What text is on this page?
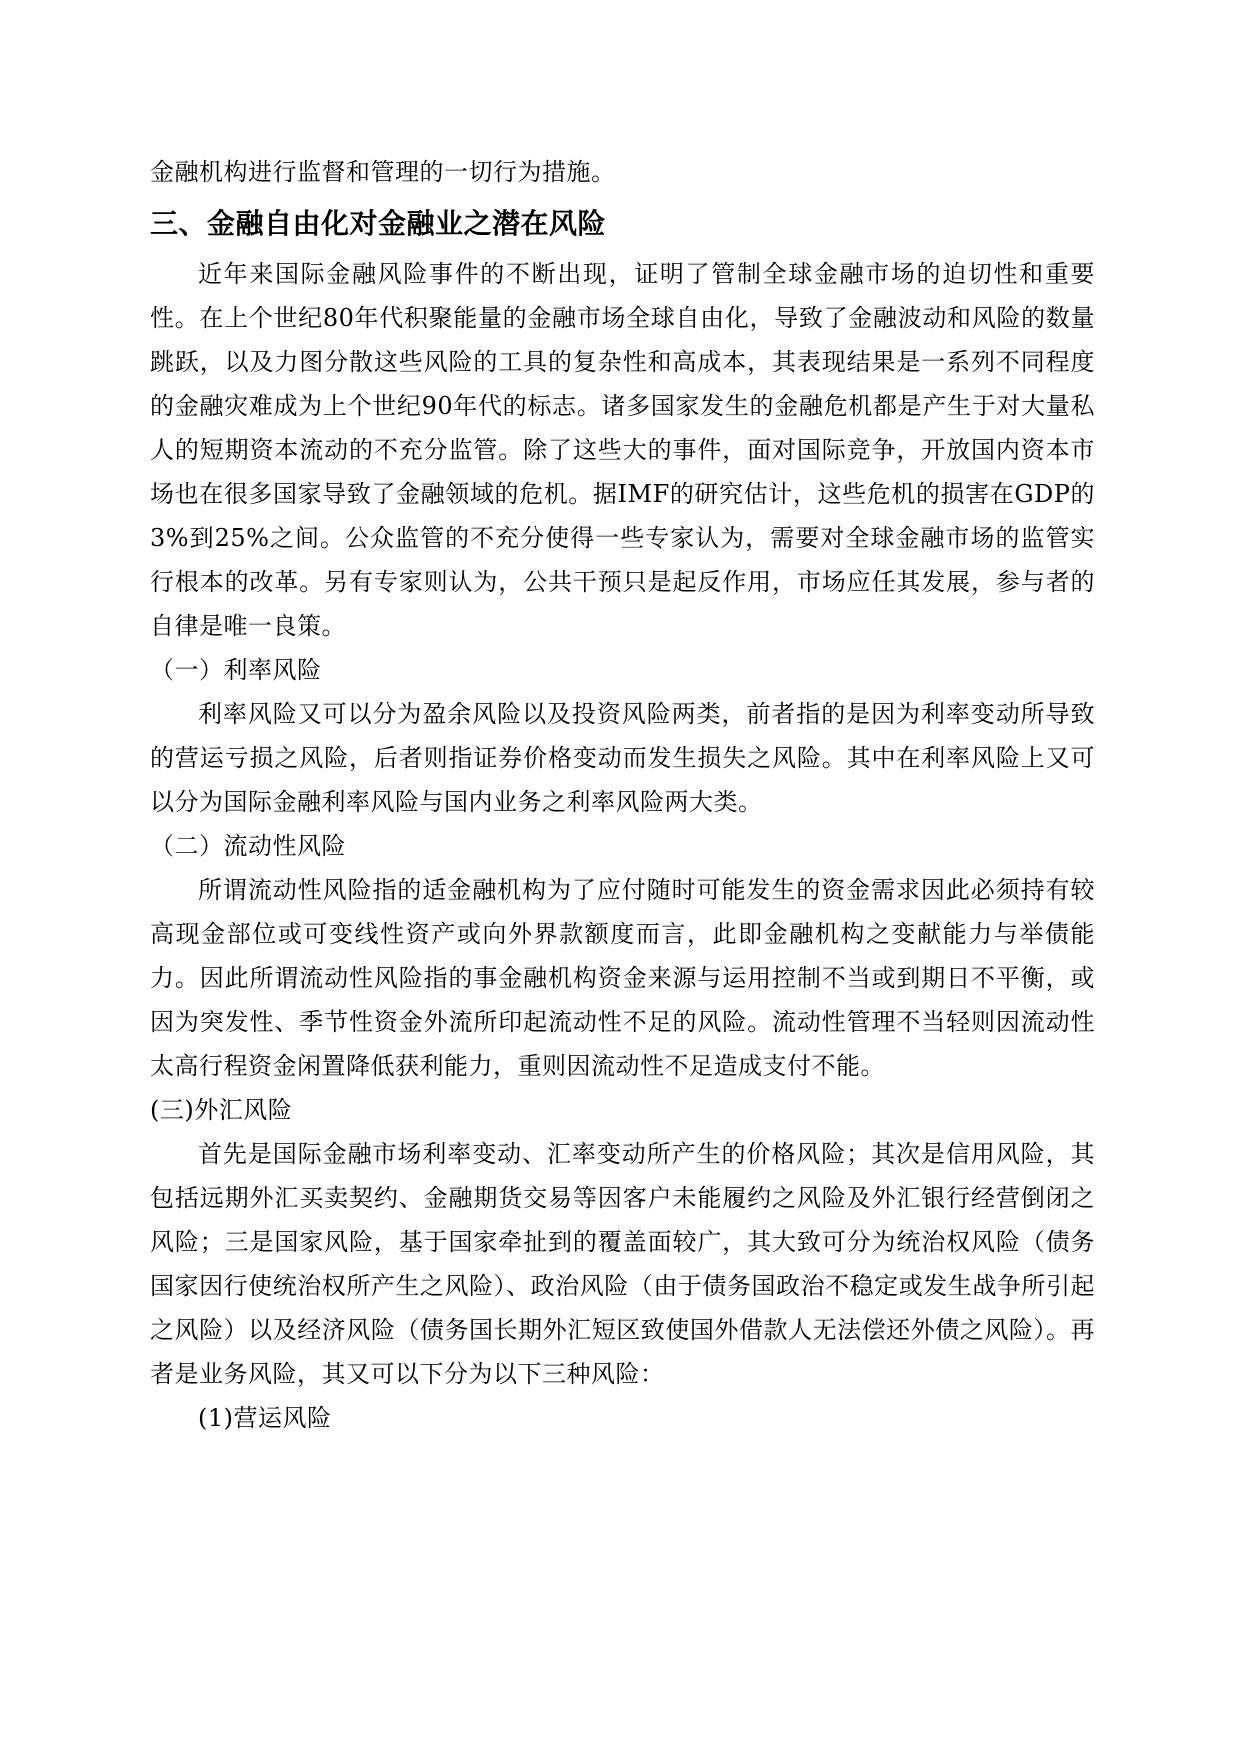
金融机构进行监督和管理的一切行为措施。

三、金融自由化对金融业之潜在风险

近年来国际金融风险事件的不断出现，证明了管制全球金融市场的迫切性和重要性。在上个世纪80年代积聚能量的金融市场全球自由化，导致了金融波动和风险的数量跳跃，以及力图分散这些风险的工具的复杂性和高成本，其表现结果是一系列不同程度的金融灾难成为上个世纪90年代的标志。诸多国家发生的金融危机都是产生于对大量私人的短期资本流动的不充分监管。除了这些大的事件，面对国际竞争，开放国内资本市场也在很多国家导致了金融领域的危机。据IMF的研究估计，这些危机的损害在GDP的3%到25%之间。公众监管的不充分使得一些专家认为，需要对全球金融市场的监管实行根本的改革。另有专家则认为，公共干预只是起反作用，市场应任其发展，参与者的自律是唯一良策。

（一）利率风险

利率风险又可以分为盈余风险以及投资风险两类，前者指的是因为利率变动所导致的营运亏损之风险，后者则指证券价格变动而发生损失之风险。其中在利率风险上又可以分为国际金融利率风险与国内业务之利率风险两大类。

（二）流动性风险

所谓流动性风险指的适金融机构为了应付随时可能发生的资金需求因此必须持有较高现金部位或可变线性资产或向外界款额度而言，此即金融机构之变献能力与举债能力。因此所谓流动性风险指的事金融机构资金来源与运用控制不当或到期日不平衡，或因为突发性、季节性资金外流所印起流动性不足的风险。流动性管理不当轻则因流动性太高行程资金闲置降低获利能力，重则因流动性不足造成支付不能。

(三)外汇风险

首先是国际金融市场利率变动、汇率变动所产生的价格风险；其次是信用风险，其包括远期外汇买卖契约、金融期货交易等因客户未能履约之风险及外汇银行经营倒闭之风险；三是国家风险，基于国家牵扯到的覆盖面较广，其大致可分为统治权风险（债务国家因行使统治权所产生之风险）、政治风险（由于债务国政治不稳定或发生战争所引起之风险）以及经济风险（债务国长期外汇短区致使国外借款人无法偿还外债之风险）。再者是业务风险，其又可以下分为以下三种风险：

(1)营运风险
